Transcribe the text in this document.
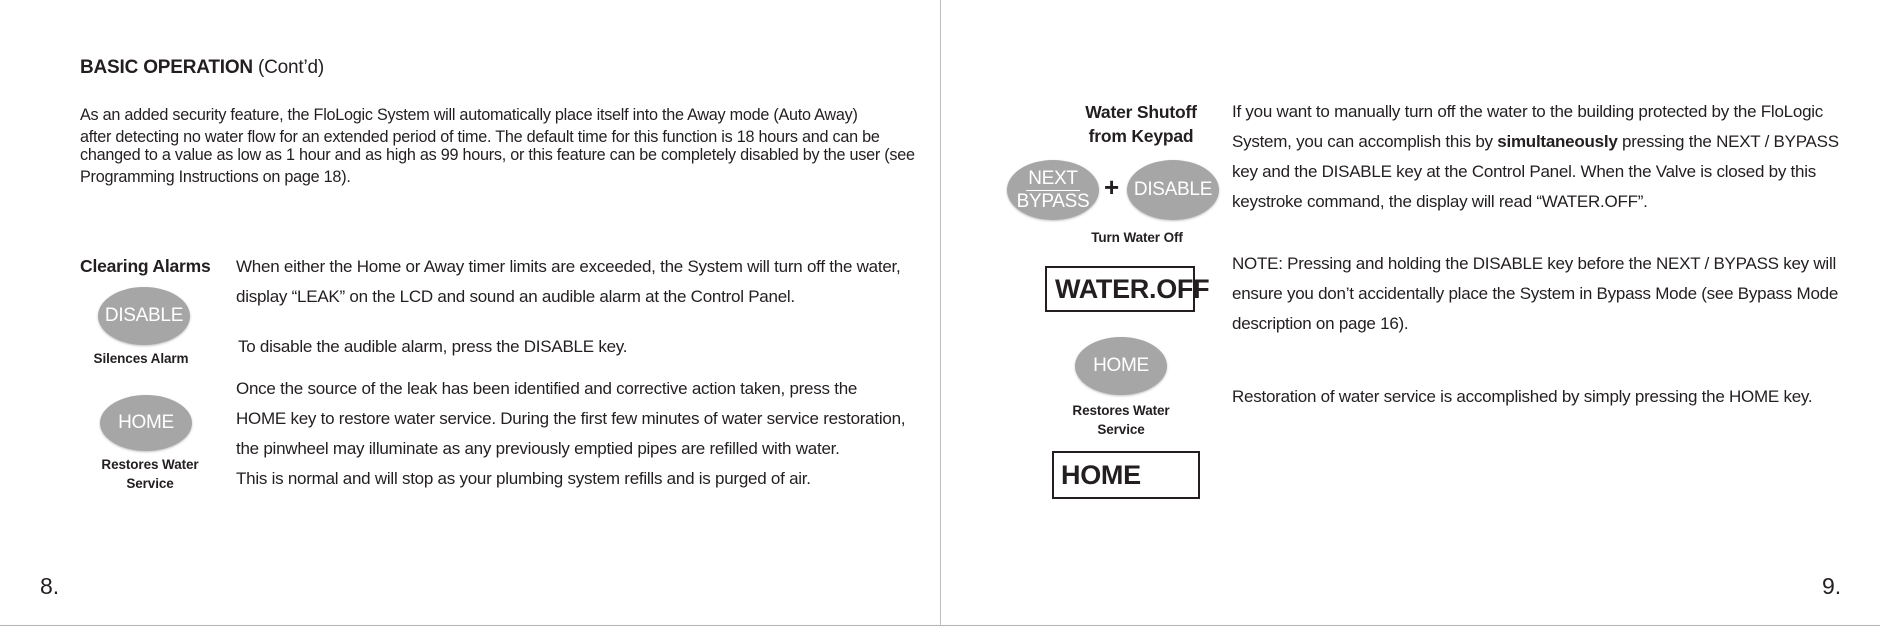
BASIC OPERATION (Cont’d)
As an added security feature, the FloLogic System will automatically place itself into the Away mode (Auto Away)
after detecting no water flow for an extended period of time. The default time for this function is 18 hours and can be
changed to a value as low as 1 hour and as high as 99 hours, or this feature can be completely disabled by the user (see
Programming Instructions on page 18).
Clearing Alarms
DISABLE
Silences Alarm
HOME
Restores Water
Service
When either the Home or Away timer limits are exceeded, the System will turn off the water,
display “LEAK” on the LCD and sound an audible alarm at the Control Panel.
To disable the audible alarm, press the DISABLE key.
Once the source of the leak has been identified and corrective action taken, press the
HOME key to restore water service. During the first few minutes of water service restoration,
the pinwheel may illuminate as any previously emptied pipes are refilled with water.
This is normal and will stop as your plumbing system refills and is purged of air.
8.
Water Shutoff
from Keypad
NEXT
BYPASS + DISABLE
Turn Water Off
WATER.OFF
HOME
Restores Water
Service
HOME
If you want to manually turn off the water to the building protected by the FloLogic
System, you can accomplish this by simultaneously pressing the NEXT / BYPASS
key and the DISABLE key at the Control Panel. When the Valve is closed by this
keystroke command, the display will read “WATER.OFF”.
NOTE: Pressing and holding the DISABLE key before the NEXT / BYPASS key will
ensure you don’t accidentally place the System in Bypass Mode (see Bypass Mode
description on page 16).
Restoration of water service is accomplished by simply pressing the HOME key.
9.
